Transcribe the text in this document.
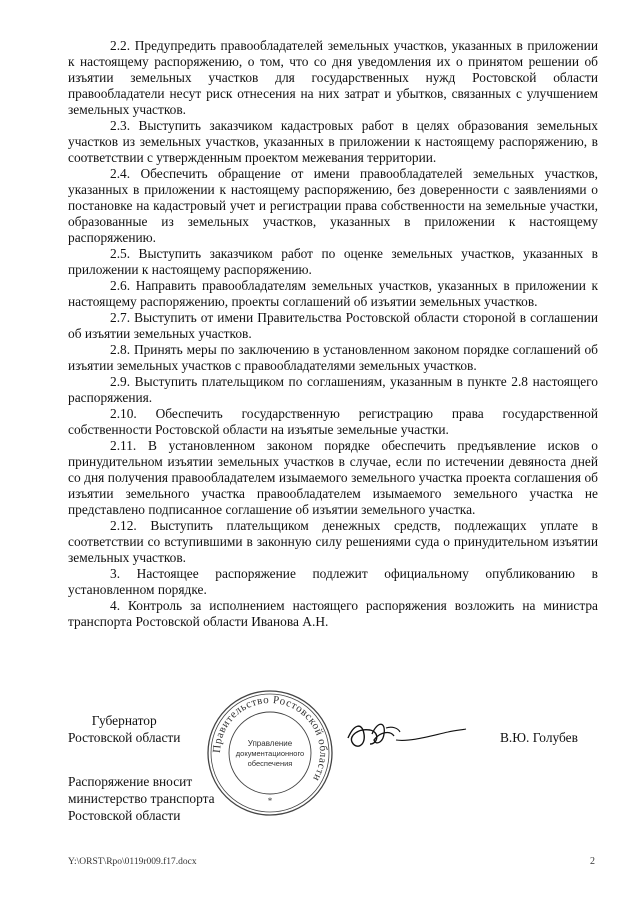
2.2. Предупредить правообладателей земельных участков, указанных в приложении к настоящему распоряжению, о том, что со дня уведомления их о принятом решении об изъятии земельных участков для государственных нужд Ростовской области правообладатели несут риск отнесения на них затрат и убытков, связанных с улучшением земельных участков.

2.3. Выступить заказчиком кадастровых работ в целях образования земельных участков из земельных участков, указанных в приложении к настоящему распоряжению, в соответствии с утвержденным проектом межевания территории.

2.4. Обеспечить обращение от имени правообладателей земельных участков, указанных в приложении к настоящему распоряжению, без доверенности с заявлениями о постановке на кадастровый учет и регистрации права собственности на земельные участки, образованные из земельных участков, указанных в приложении к настоящему распоряжению.

2.5. Выступить заказчиком работ по оценке земельных участков, указанных в приложении к настоящему распоряжению.

2.6. Направить правообладателям земельных участков, указанных в приложении к настоящему распоряжению, проекты соглашений об изъятии земельных участков.

2.7. Выступить от имени Правительства Ростовской области стороной в соглашении об изъятии земельных участков.

2.8. Принять меры по заключению в установленном законом порядке соглашений об изъятии земельных участков с правообладателями земельных участков.

2.9. Выступить плательщиком по соглашениям, указанным в пункте 2.8 настоящего распоряжения.

2.10. Обеспечить государственную регистрацию права государственной собственности Ростовской области на изъятые земельные участки.

2.11. В установленном законом порядке обеспечить предъявление исков о принудительном изъятии земельных участков в случае, если по истечении девяноста дней со дня получения правообладателем изымаемого земельного участка проекта соглашения об изъятии земельного участка правообладателем изымаемого земельного участка не представлено подписанное соглашение об изъятии земельного участка.

2.12. Выступить плательщиком денежных средств, подлежащих уплате в соответствии со вступившими в законную силу решениями суда о принудительном изъятии земельных участков.

3. Настоящее распоряжение подлежит официальному опубликованию в установленном порядке.

4. Контроль за исполнением настоящего распоряжения возложить на министра транспорта Ростовской области Иванова А.Н.

Губернатор
Ростовской области
Правительство Ростовской области
Управление
документационного
обеспечения
*
В.Ю. Голубев
Распоряжение вносит
министерство транспорта
Ростовской области
Y:\ORST\Rpo\0119r009.f17.docx	2
